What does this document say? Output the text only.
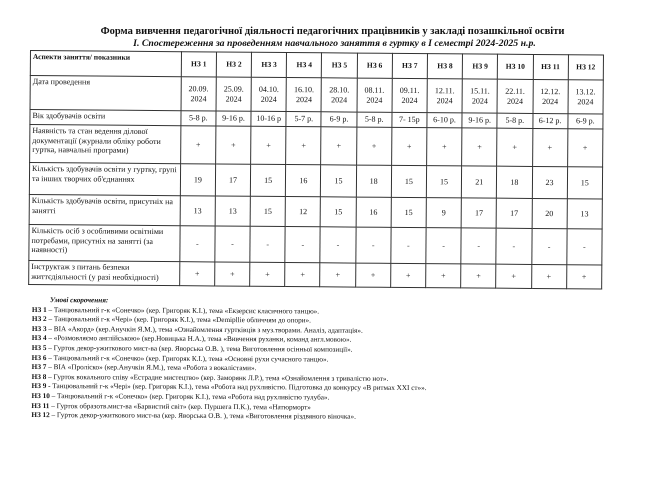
Форма вивчення педагогічної діяльності педагогічних працівників у закладі позашкільної освіти
І. Спостереження за проведенням навчального заняття в гуртку в І семестрі 2024-2025 н.р.
Аспекти заняття/ показники	НЗ 1	НЗ 2	НЗ 3	НЗ 4	НЗ 5	НЗ 6	НЗ 7	НЗ 8	НЗ 9	НЗ 10	НЗ 11	НЗ 12
Дата проведення	20.09. 2024	25.09. 2024	04.10. 2024	16.10. 2024	28.10. 2024	08.11. 2024	09.11. 2024	12.11. 2024	15.11. 2024	22.11. 2024	12.12. 2024	13.12. 2024
Вік здобувачів освіти	5-8 р.	9-16 р.	10-16 р	5-7 р.	6-9 р.	5-8 р.	7- 15р	6-10 р.	9-16 р.	5-8 р.	6-12 р.	6-9 р.
Наявність та стан ведення ділової документації (журнали обліку роботи гуртка, навчальні програми)	+	+	+	+	+	+	+	+	+	+	+	+
Кількість здобувачів освіти у гуртку, групі та інших творчих об'єднаннях	19	17	15	16	15	18	15	15	21	18	23	15
Кількість здобувачів освіти, присутніх на занятті	13	13	15	12	15	16	15	9	17	17	20	13
Кількість осіб з особливими освітніми потребами, присутніх на занятті (за наявності)	-	-	-	-	-	-	-	-	-	-	-	-
Інструктаж з питань безпеки життєдіяльності (у разі необхідності)	+	+	+	+	+	+	+	+	+	+	+	+
Умові скорочення:
НЗ 1 – Танцювальний г-к «Сонечко» (кер. Григоряк К.І.), тема «Екзерсис класичного танцю».
НЗ 2 – Танцювальний г-к «Чері» (кер. Григоряк К.І.), тема «Demipllie обличчям до опори».
НЗ 3 – ВІА «Акорд» (кер.Анучкін Я.М.), тема «Ознайомлення гуртківців з муз.творами. Аналіз, адаптація».
НЗ 4 – «Розмовляємо англійською» (кер.Новицька Н.А.), тема «Вивчення руханки, команд англ.мовою».
НЗ 5 – Гурток декор-ужиткового мист-ва (кер. Яворська О.В. ), тема Виготовлення осінньої композиції».
НЗ 6 – Танцювальний г-к «Сонечко» (кер. Григоряк К.І.), тема «Основні рухи сучасного танцю».
НЗ 7 – ВІА «Проліско» (кер.Анучкін Я.М.), тема «Робота з вокалістами».
НЗ 8 – Гурток вокального співу «Естрадне мистецтво» (кер. Заморянк Л.Р.), тема «Ознайомлення з тривалістю нот».
НЗ 9 - Танцювальний г-к «Чері» (кер. Григоряк К.І.), тема «Робота над рухливістю. Підготовка до конкурсу «В ритмах ХХІ ст»».
НЗ 10 – Танцювальний г-к «Сонечко» (кер. Григоряк К.І.), тема «Робота над рухливістю тулуба».
НЗ 11 – Гурток образотв.мист-ва «Барвистий світ» (кер. Пуршега П.К.), тема «Натюрморт»
НЗ 12 – Гурток декор-ужиткового мист-ва (кер. Яворська О.В. ), тема «Виготовлення різдвяного віночка».
